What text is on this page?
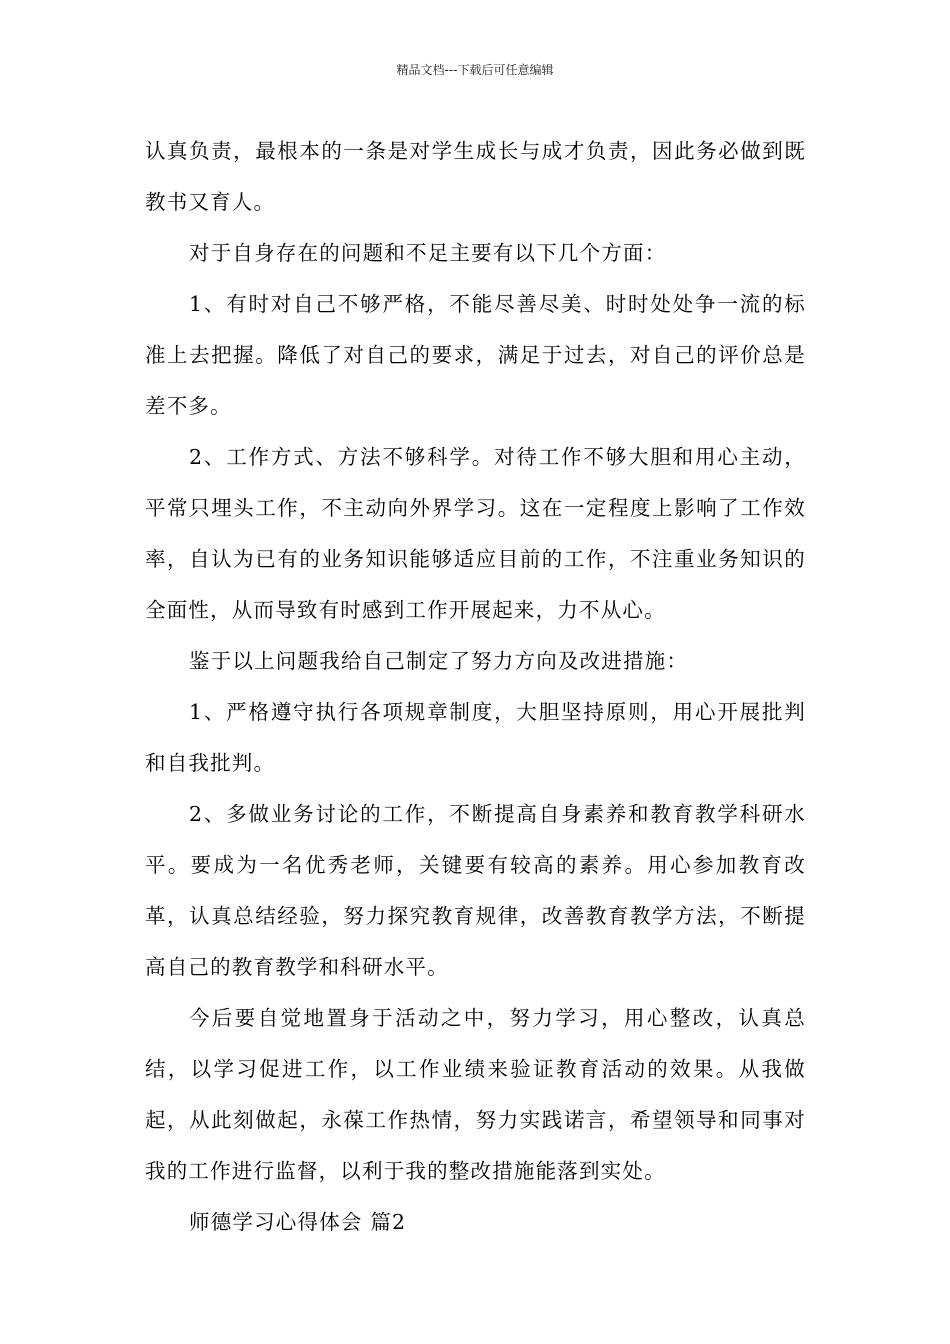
精品文档---下载后可任意编辑

认真负责，最根本的一条是对学生成长与成才负责，因此务必做到既教书又育人。

对于自身存在的问题和不足主要有以下几个方面：

1、有时对自己不够严格，不能尽善尽美、时时处处争一流的标准上去把握。降低了对自己的要求，满足于过去，对自己的评价总是差不多。

2、工作方式、方法不够科学。对待工作不够大胆和用心主动，平常只埋头工作，不主动向外界学习。这在一定程度上影响了工作效率，自认为已有的业务知识能够适应目前的工作，不注重业务知识的全面性，从而导致有时感到工作开展起来，力不从心。

鉴于以上问题我给自己制定了努力方向及改进措施：

1、严格遵守执行各项规章制度，大胆坚持原则，用心开展批判和自我批判。

2、多做业务讨论的工作，不断提高自身素养和教育教学科研水平。要成为一名优秀老师，关键要有较高的素养。用心参加教育改革，认真总结经验，努力探究教育规律，改善教育教学方法，不断提高自己的教育教学和科研水平。

今后要自觉地置身于活动之中，努力学习，用心整改，认真总结，以学习促进工作，以工作业绩来验证教育活动的效果。从我做起，从此刻做起，永葆工作热情，努力实践诺言，希望领导和同事对我的工作进行监督，以利于我的整改措施能落到实处。

师德学习心得体会 篇2
